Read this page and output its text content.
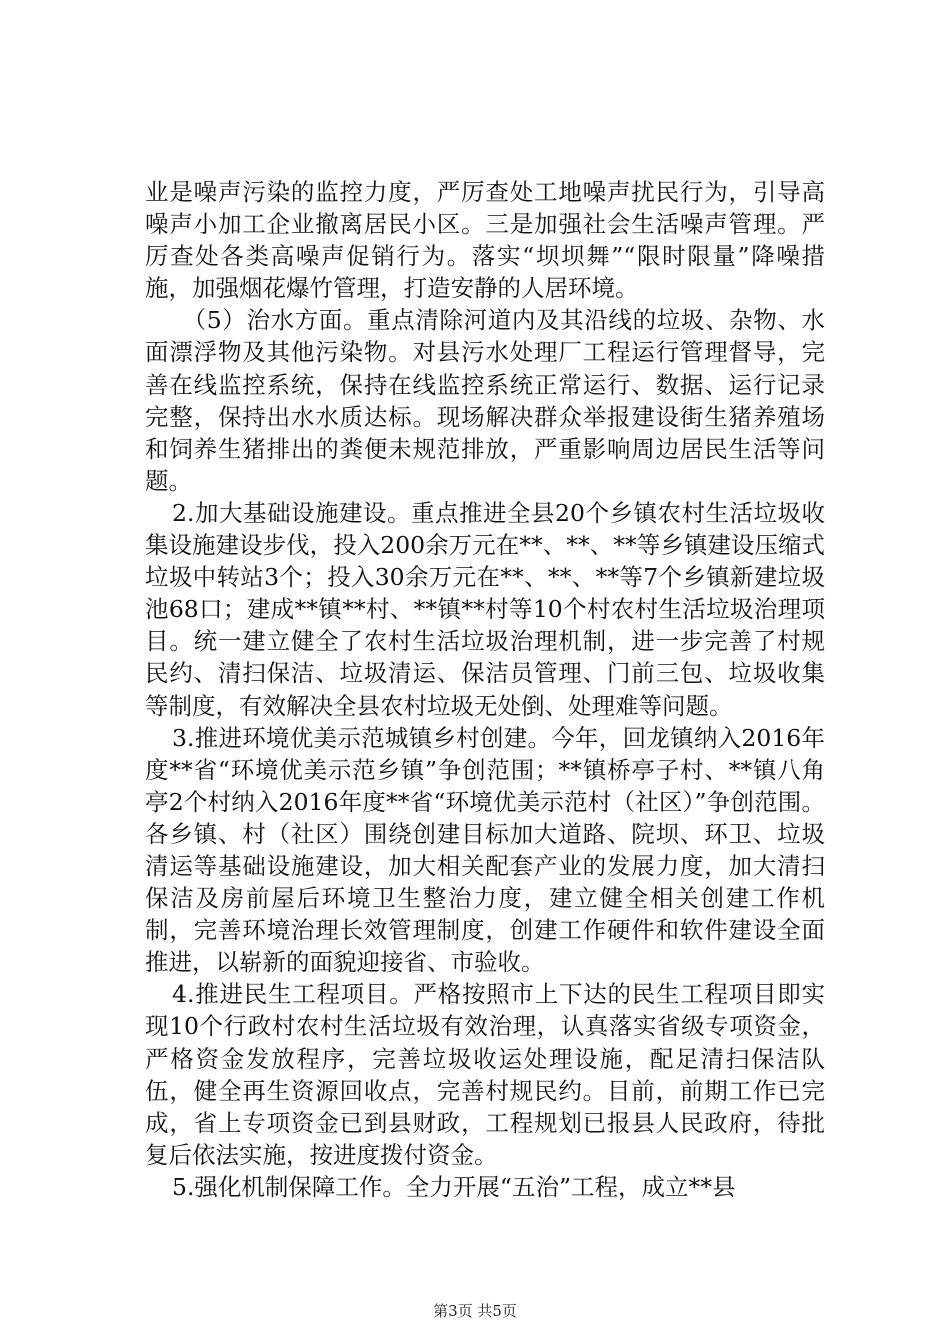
业是噪声污染的监控力度，严厉查处工地噪声扰民行为，引导高噪声小加工企业撤离居民小区。三是加强社会生活噪声管理。严厉查处各类高噪声促销行为。落实“坝坝舞”“限时限量”降噪措施，加强烟花爆竹管理，打造安静的人居环境。

（5）治水方面。重点清除河道内及其沿线的垃圾、杂物、水面漂浮物及其他污染物。对县污水处理厂工程运行管理督导，完善在线监控系统，保持在线监控系统正常运行、数据、运行记录完整，保持出水水质达标。现场解决群众举报建设街生猪养殖场和饲养生猪排出的粪便未规范排放，严重影响周边居民生活等问题。

2.加大基础设施建设。重点推进全县20个乡镇农村生活垃圾收集设施建设步伐，投入200余万元在**、**、**等乡镇建设压缩式垃圾中转站3个；投入30余万元在**、**、**等7个乡镇新建垃圾池68口；建成**镇**村、**镇**村等10个村农村生活垃圾治理项目。统一建立健全了农村生活垃圾治理机制，进一步完善了村规民约、清扫保洁、垃圾清运、保洁员管理、门前三包、垃圾收集等制度，有效解决全县农村垃圾无处倒、处理难等问题。

3.推进环境优美示范城镇乡村创建。今年，回龙镇纳入2016年度**省“环境优美示范乡镇”争创范围；**镇桥亭子村、**镇八角亭2个村纳入2016年度**省“环境优美示范村（社区）”争创范围。各乡镇、村（社区）围绕创建目标加大道路、院坝、环卫、垃圾清运等基础设施建设，加大相关配套产业的发展力度，加大清扫保洁及房前屋后环境卫生整治力度，建立健全相关创建工作机制，完善环境治理长效管理制度，创建工作硬件和软件建设全面推进，以崭新的面貌迎接省、市验收。

4.推进民生工程项目。严格按照市上下达的民生工程项目即实现10个行政村农村生活垃圾有效治理，认真落实省级专项资金，严格资金发放程序，完善垃圾收运处理设施，配足清扫保洁队伍，健全再生资源回收点，完善村规民约。目前，前期工作已完成，省上专项资金已到县财政，工程规划已报县人民政府，待批复后依法实施，按进度拨付资金。

5.强化机制保障工作。全力开展“五治”工程，成立**县

第3页 共5页
